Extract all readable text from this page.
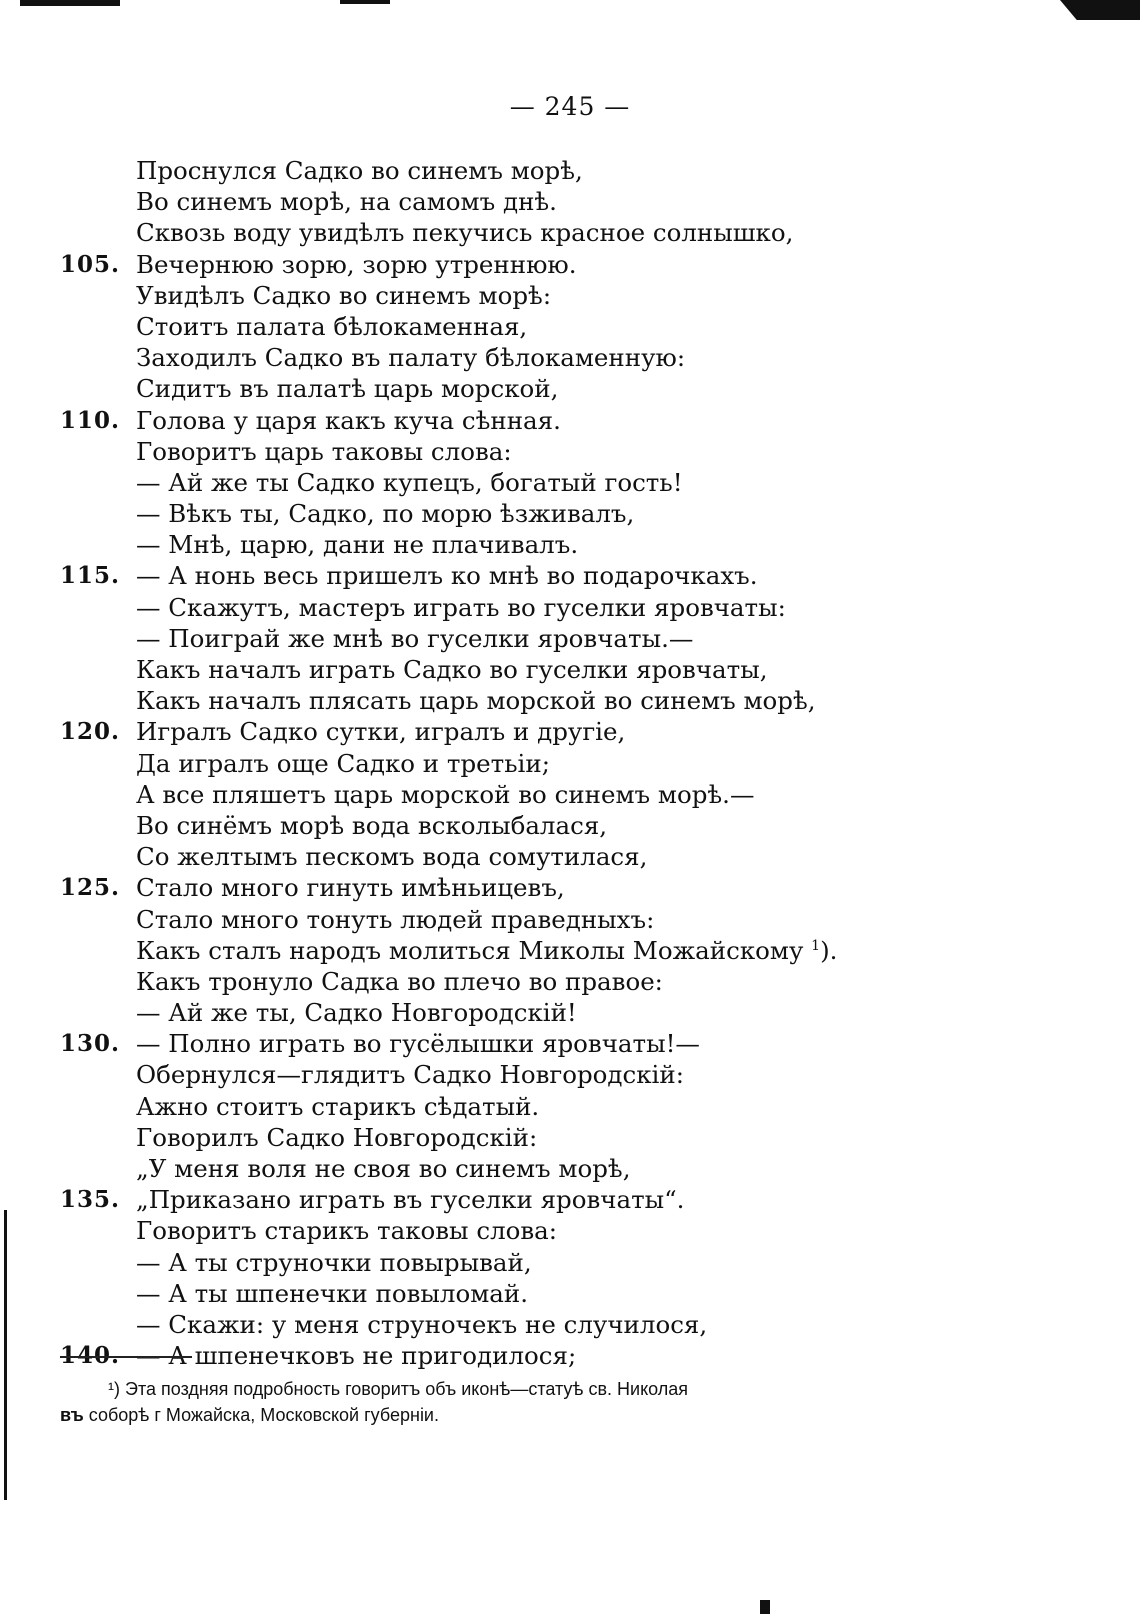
— 245 —
Проснулся Садко во синемъ морѣ,
Во синемъ морѣ, на самомъ днѣ.
Сквозь воду увидѣлъ пекучись красное солнышко,
105. Вечернюю зорю, зорю утреннюю.
Увидѣлъ Садко во синемъ морѣ:
Стоитъ палата бѣлокаменная,
Заходилъ Садко въ палату бѣлокаменную:
Сидитъ въ палатѣ царь морской,
110. Голова у царя какъ куча сѣнная.
Говоритъ царь таковы слова:
— Ай же ты Садко купецъ, богатый гость!
— Вѣкъ ты, Садко, по морю ѣзживалъ,
— Мнѣ, царю, дани не плачивалъ.
115. — А нонь весь пришелъ ко мнѣ во подарочкахъ.
— Скажутъ, мастеръ играть во гуселки яровчаты:
— Поиграй же мнѣ во гуселки яровчаты.—
Какъ началъ играть Садко во гуселки яровчаты,
Какъ началъ плясать царь морской во синемъ морѣ,
120. Игралъ Садко сутки, игралъ и другіе,
Да игралъ още Садко и третьіи;
А все пляшетъ царь морской во синемъ морѣ.—
Во синёмъ морѣ вода всколыбалася,
Со желтымъ пескомъ вода сомутилася,
125. Стало много гинуть имѣньицевъ,
Стало много тонуть людей праведныхъ:
Какъ сталъ народъ молиться Миколы Можайскому $^1$).
Какъ тронуло Садка во плечо во правое:
— Ай же ты, Садко Новгородскій!
130. — Полно играть во гусёлышки яровчаты!—
Обернулся—глядитъ Садко Новгородскій:
Ажно стоитъ старикъ сѣдатый.
Говорилъ Садко Новгородскій:
„У меня воля не своя во синемъ морѣ,
135. „Приказано играть въ гуселки яровчаты“.
Говоритъ старикъ таковы слова:
— А ты струночки повырывай,
— А ты шпенечки повыломай.
— Скажи: у меня струночекъ не случилося,
140. — А шпенечковъ не пригодилося;
¹) Эта поздняя подробность говоритъ объ иконѣ—статуѣ св. Николая
въ соборѣ г Можайска, Московской губерніи.
